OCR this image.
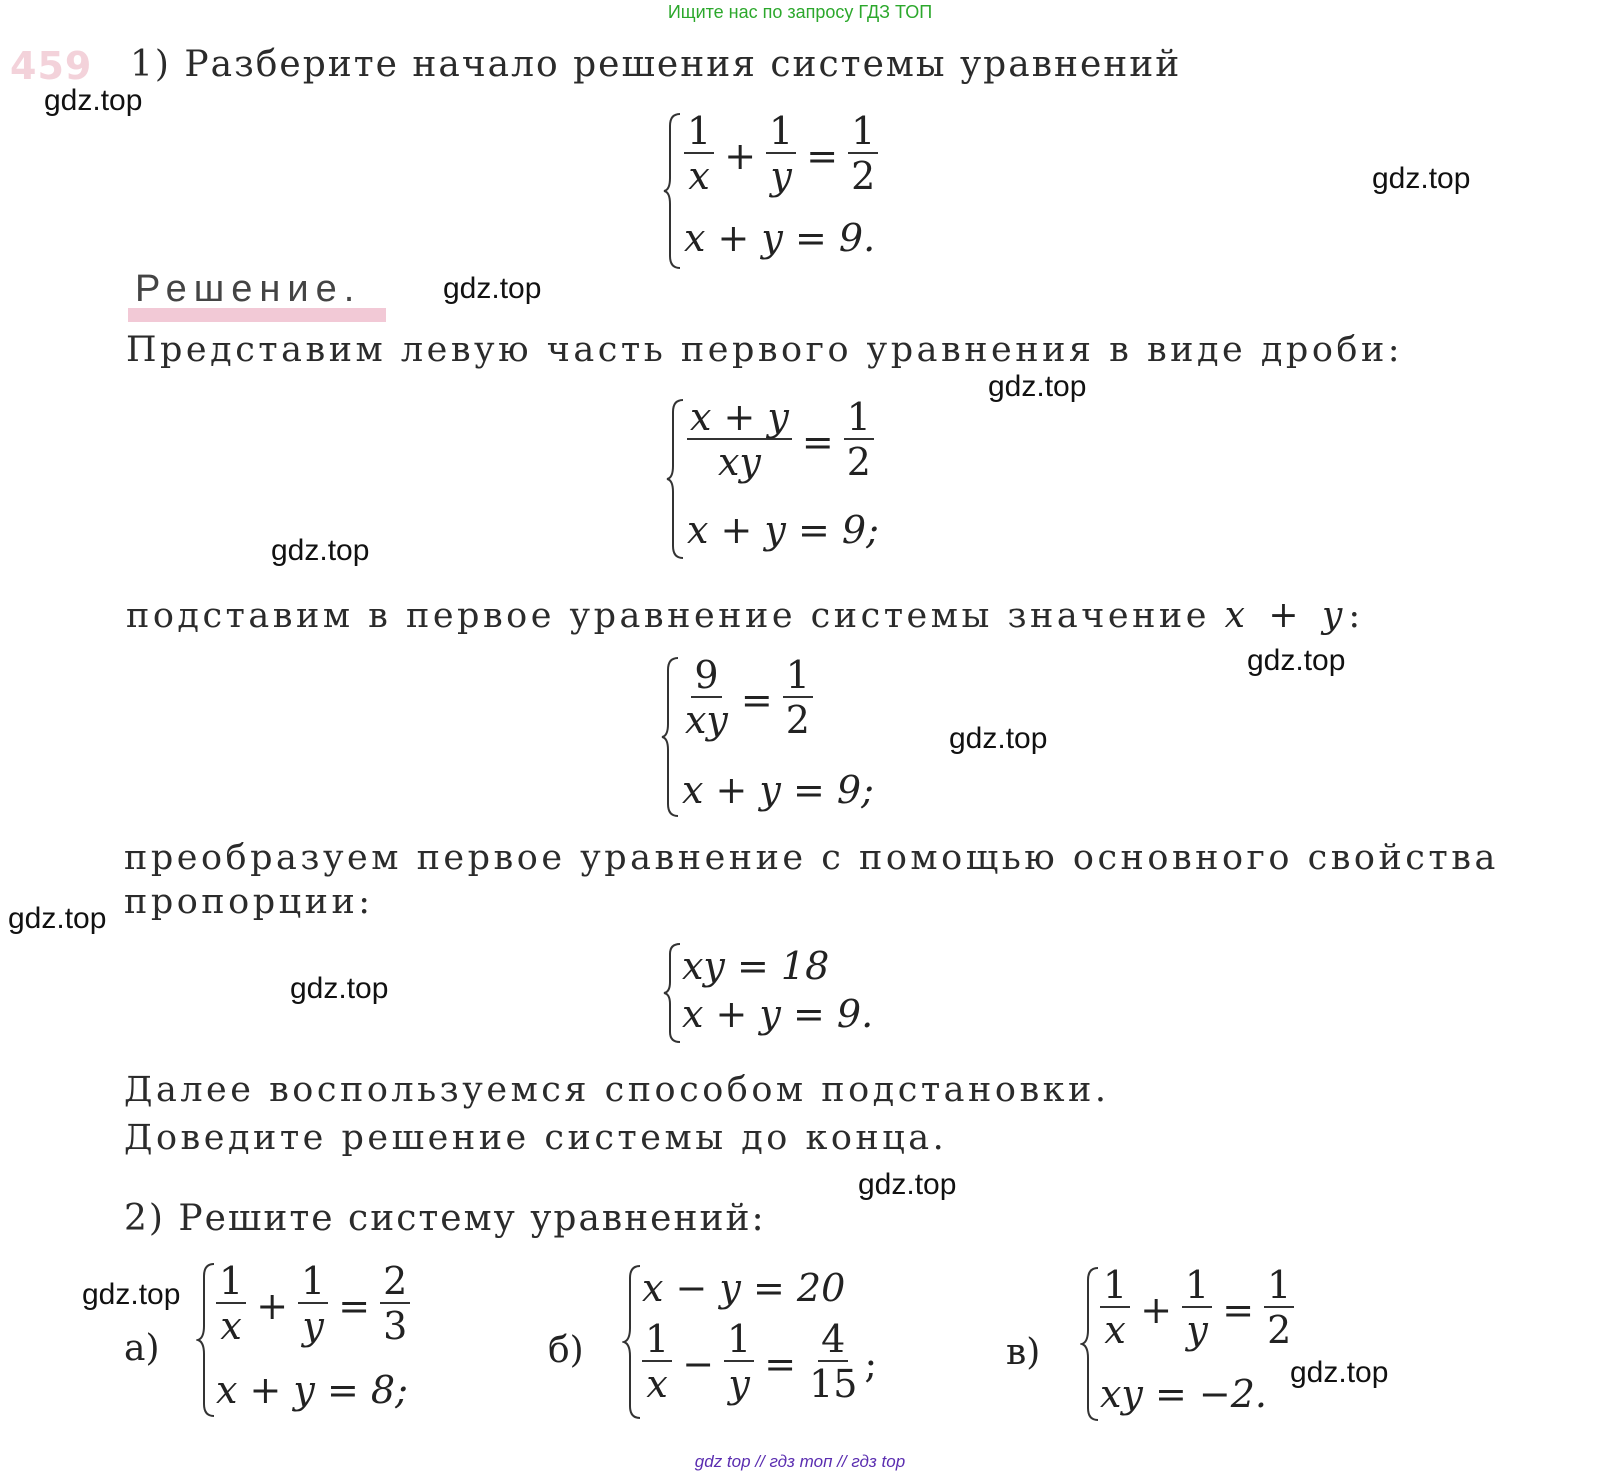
Ищите нас по запросу ГДЗ ТОП
gdz top // гдз топ // гдз top
459 1) Разберите начало решения системы уравнений
$\frac{1}{x} + \frac{1}{y} = \frac{1}{2}$
x + y = 9.
Решение.
Представим левую часть первого уравнения в виде дроби:
$\frac{x + y}{xy} = \frac{1}{2}$
x + y = 9;
подставим в первое уравнение системы значение x + y:
$\frac{9}{xy} = \frac{1}{2}$
x + y = 9;
преобразуем первое уравнение с помощью основного свойства
пропорции:
xy = 18
x + y = 9.
Далее воспользуемся способом подстановки.
Доведите решение системы до конца.
2) Решите систему уравнений:
$а) \frac{1}{x} + \frac{1}{y} = \frac{2}{3}$
x + y = 8;
б)
x − y = 20
$\frac{1}{x} - \frac{1}{y} = \frac{4}{15}$ ;	$в) \frac{1}{x} + \frac{1}{y} = \frac{1}{2}$
xy = −2.
gdz.top
gdz.top
gdz.top
gdz.top
gdz.top
gdz.top
gdz.top
gdz.top
gdz.top
gdz.top
gdz.top
gdz.top
